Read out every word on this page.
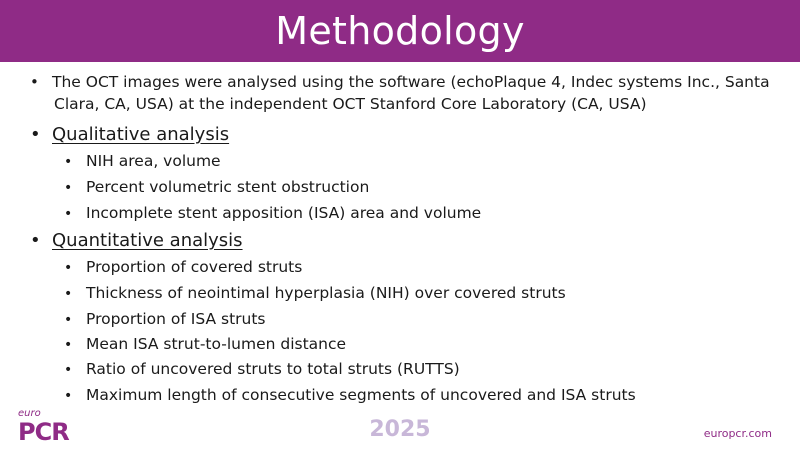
Methodology
• The OCT images were analysed using the software (echoPlaque 4, Indec systems Inc., Santa
Clara, CA, USA) at the independent OCT Stanford Core Laboratory (CA, USA)
• Qualitative analysis
• NIH area, volume
• Percent volumetric stent obstruction
• Incomplete stent apposition (ISA) area and volume
• Quantitative analysis
• Proportion of covered struts
• Thickness of neointimal hyperplasia (NIH) over covered struts
• Proportion of ISA struts
• Mean ISA strut-to-lumen distance
• Ratio of uncovered struts to total struts (RUTTS)
• Maximum length of consecutive segments of uncovered and ISA struts
euro
PCR	2025	europcr.com
